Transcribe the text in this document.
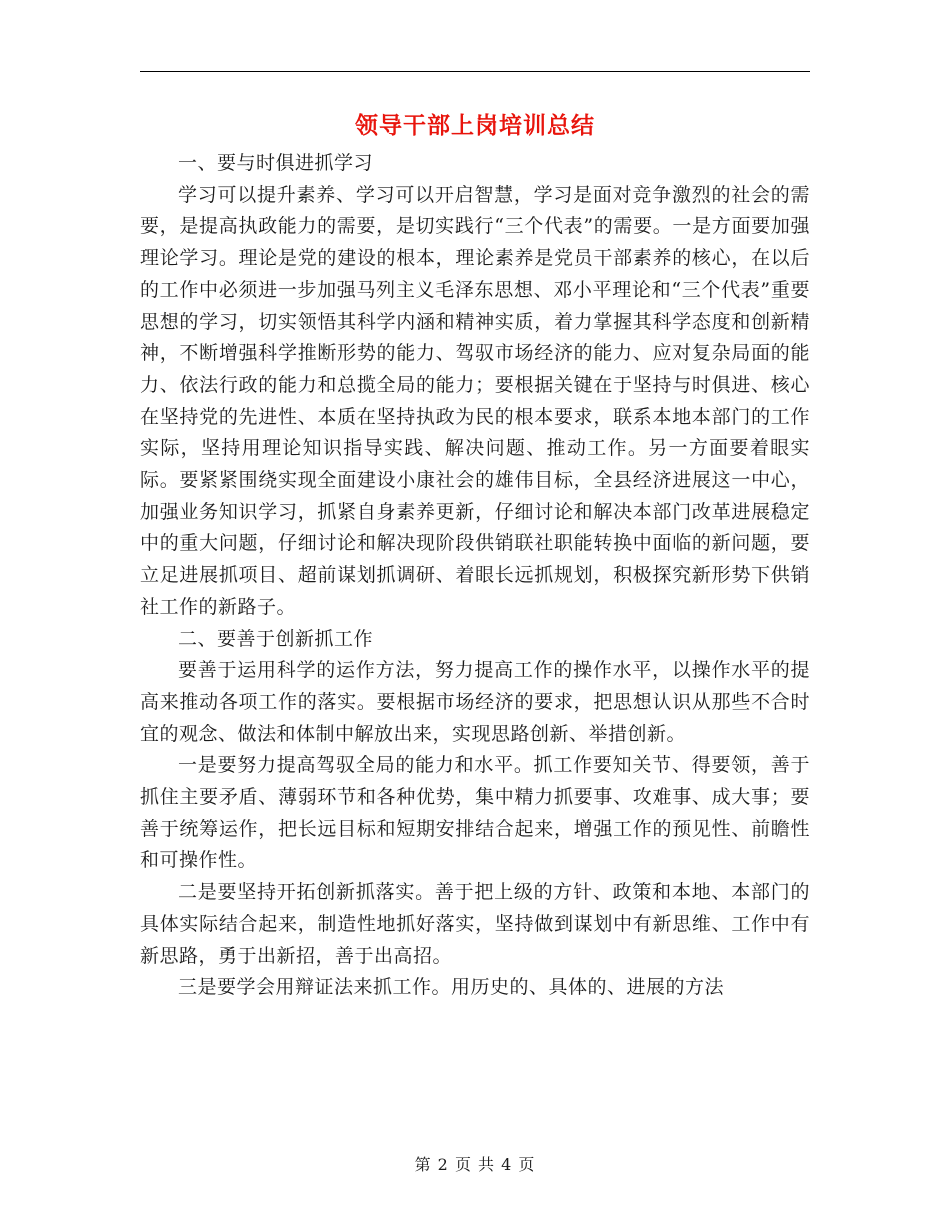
领导干部上岗培训总结

一、要与时俱进抓学习

学习可以提升素养、学习可以开启智慧，学习是面对竞争激烈的社会的需要，是提高执政能力的需要，是切实践行“三个代表”的需要。一是方面要加强理论学习。理论是党的建设的根本，理论素养是党员干部素养的核心，在以后的工作中必须进一步加强马列主义毛泽东思想、邓小平理论和“三个代表”重要思想的学习，切实领悟其科学内涵和精神实质，着力掌握其科学态度和创新精神，不断增强科学推断形势的能力、驾驭市场经济的能力、应对复杂局面的能力、依法行政的能力和总揽全局的能力；要根据关键在于坚持与时俱进、核心在坚持党的先进性、本质在坚持执政为民的根本要求，联系本地本部门的工作实际，坚持用理论知识指导实践、解决问题、推动工作。另一方面要着眼实际。要紧紧围绕实现全面建设小康社会的雄伟目标，全县经济进展这一中心，加强业务知识学习，抓紧自身素养更新，仔细讨论和解决本部门改革进展稳定中的重大问题，仔细讨论和解决现阶段供销联社职能转换中面临的新问题，要立足进展抓项目、超前谋划抓调研、着眼长远抓规划，积极探究新形势下供销社工作的新路子。

二、要善于创新抓工作

要善于运用科学的运作方法，努力提高工作的操作水平，以操作水平的提高来推动各项工作的落实。要根据市场经济的要求，把思想认识从那些不合时宜的观念、做法和体制中解放出来，实现思路创新、举措创新。

一是要努力提高驾驭全局的能力和水平。抓工作要知关节、得要领，善于抓住主要矛盾、薄弱环节和各种优势，集中精力抓要事、攻难事、成大事；要善于统筹运作，把长远目标和短期安排结合起来，增强工作的预见性、前瞻性和可操作性。

二是要坚持开拓创新抓落实。善于把上级的方针、政策和本地、本部门的具体实际结合起来，制造性地抓好落实，坚持做到谋划中有新思维、工作中有新思路，勇于出新招，善于出高招。

三是要学会用辩证法来抓工作。用历史的、具体的、进展的方法

第 2 页 共 4 页
